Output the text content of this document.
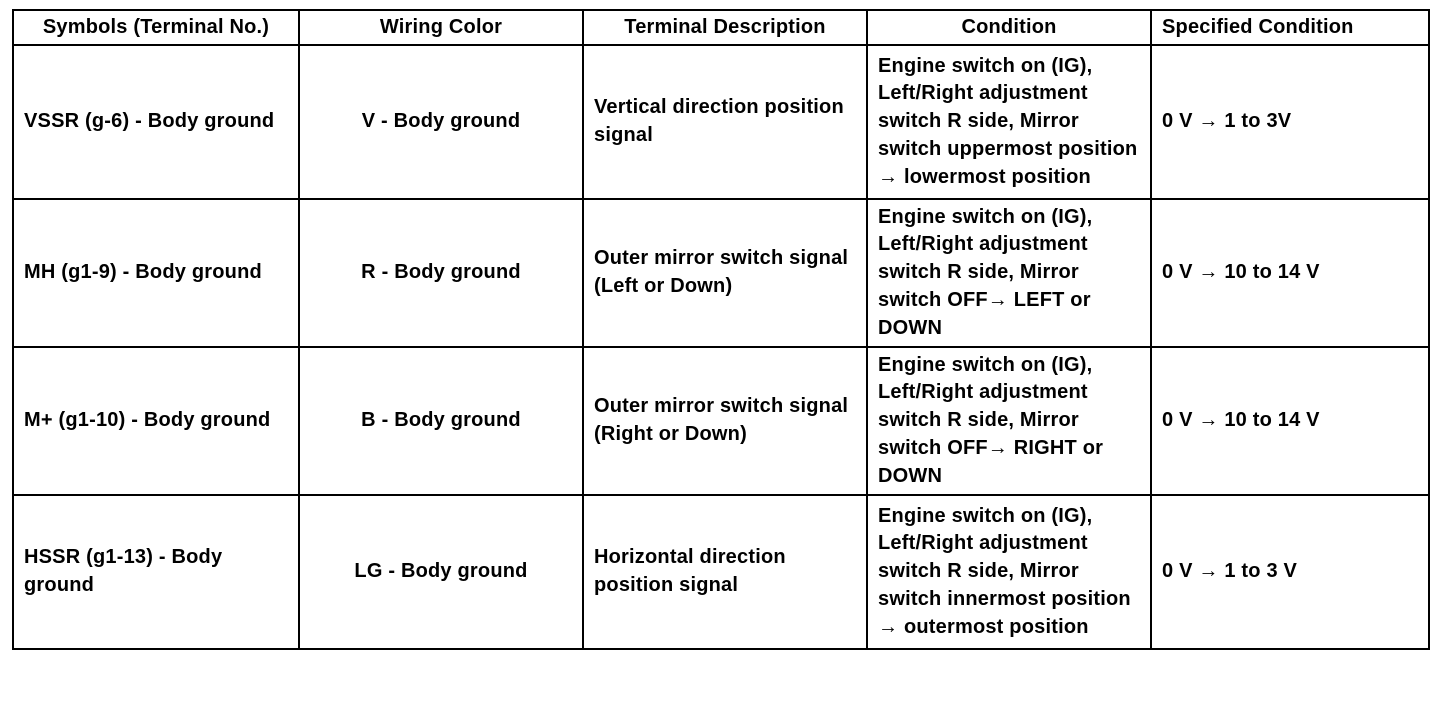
Symbols (Terminal No.)	Wiring Color	Terminal Description	Condition	Specified Condition
VSSR (g-6) - Body ground	V - Body ground	Vertical direction position signal	Engine switch on (IG), Left/Right adjustment switch R side, Mirror switch uppermost position → lowermost position	0 V → 1 to 3V
MH (g1-9) - Body ground	R - Body ground	Outer mirror switch signal (Left or Down)	Engine switch on (IG), Left/Right adjustment switch R side, Mirror switch OFF→ LEFT or DOWN	0 V → 10 to 14 V
M+ (g1-10) - Body ground	B - Body ground	Outer mirror switch signal (Right or Down)	Engine switch on (IG), Left/Right adjustment switch R side, Mirror switch OFF→ RIGHT or DOWN	0 V → 10 to 14 V
HSSR (g1-13) - Body ground	LG - Body ground	Horizontal direction position signal	Engine switch on (IG), Left/Right adjustment switch R side, Mirror switch innermost position → outermost position	0 V → 1 to 3 V
